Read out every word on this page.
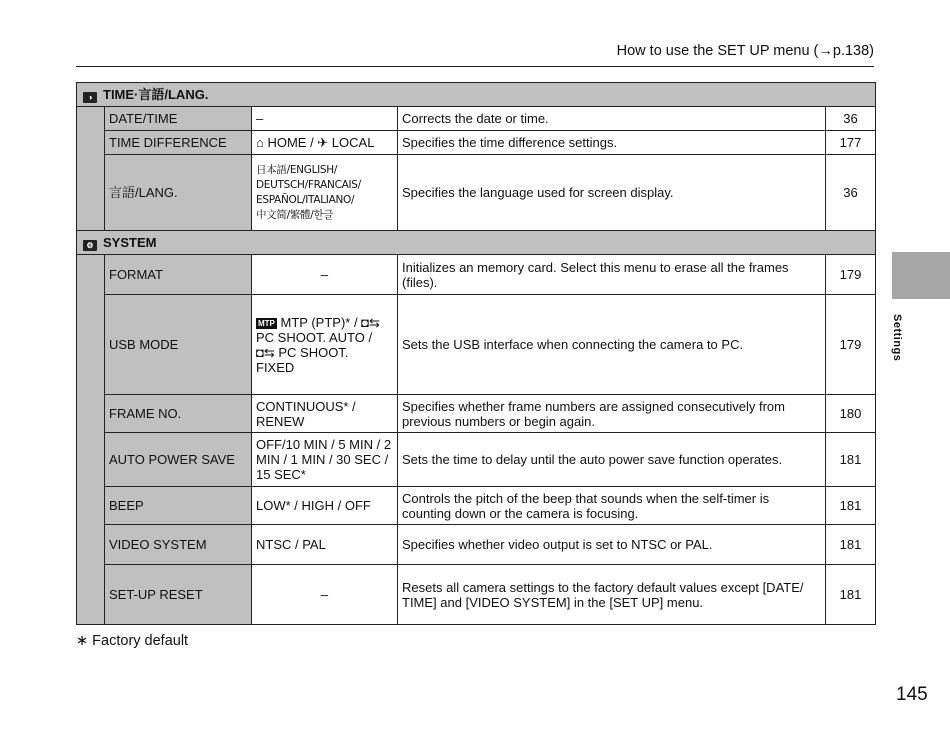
How to use the SET UP menu (→p.138)
◑ TIME·言語/LANG.				
	DATE/TIME	–	Corrects the date or time.	36
	TIME DIFFERENCE	⌂ HOME / ✈ LOCAL	Specifies the time difference settings.	177
	言語/LANG.	日本語/ENGLISH/
DEUTSCH/FRANCAIS/
ESPAÑOL/ITALIANO/
中文简/繁體/한글	Specifies the language used for screen display.	36
⚙ SYSTEM				
	FORMAT	–	Initializes an memory card. Select this menu to erase all the frames (files).	179
	USB MODE	MTP MTP (PTP)* / ◘⇆
PC SHOOT. AUTO /
◘⇆ PC SHOOT.
FIXED	Sets the USB interface when connecting the camera to PC.	179
	FRAME NO.	CONTINUOUS* / RENEW	Specifies whether frame numbers are assigned consecutively from previous numbers or begin again.	180
	AUTO POWER SAVE	OFF/10 MIN / 5 MIN / 2 MIN / 1 MIN / 30 SEC / 15 SEC*	Sets the time to delay until the auto power save function operates.	181
	BEEP	LOW* / HIGH / OFF	Controls the pitch of the beep that sounds when the self-timer is counting down or the camera is focusing.	181
	VIDEO SYSTEM	NTSC / PAL	Specifies whether video output is set to NTSC or PAL.	181
	SET-UP RESET	–	Resets all camera settings to the factory default values except [DATE/ TIME] and [VIDEO SYSTEM] in the [SET UP] menu.	181
∗ Factory default
Settings
145
